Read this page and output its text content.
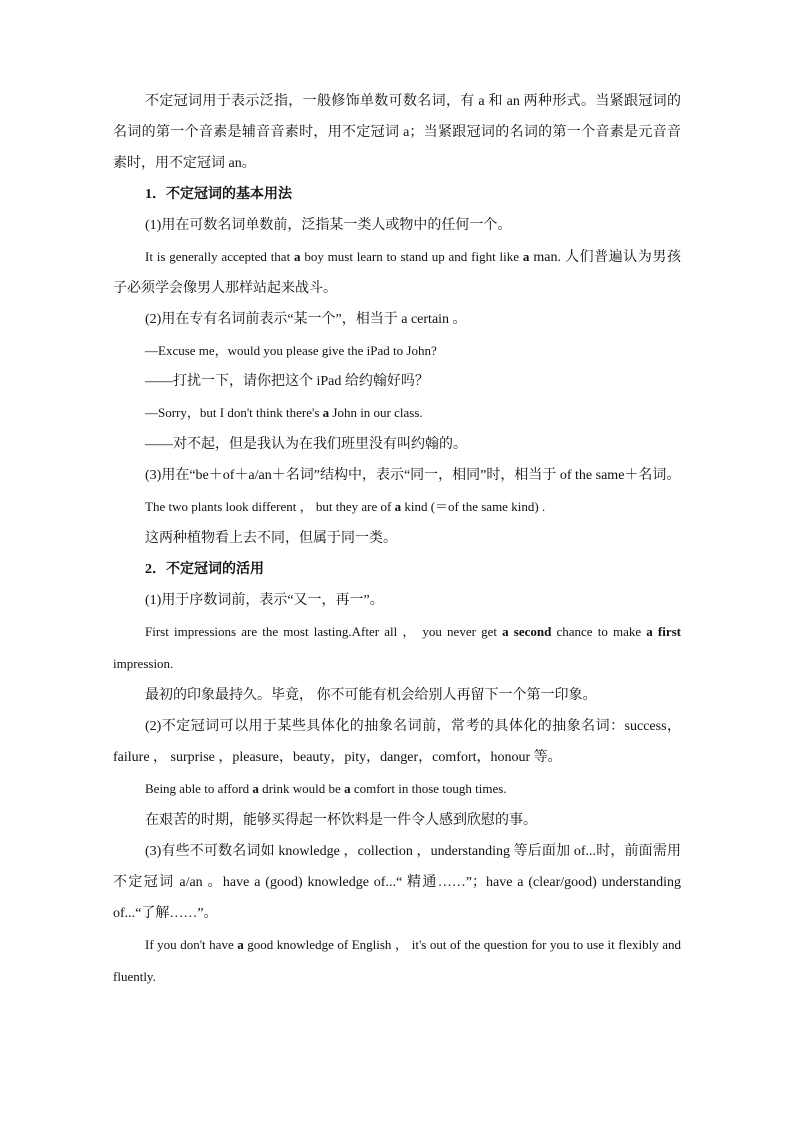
不定冠词用于表示泛指，一般修饰单数可数名词，有 a 和 an 两种形式。当紧跟冠词的名词的第一个音素是辅音音素时，用不定冠词 a；当紧跟冠词的名词的第一个音素是元音音素时，用不定冠词 an。

1．不定冠词的基本用法

(1)用在可数名词单数前，泛指某一类人或物中的任何一个。

It is generally accepted that a boy must learn to stand up and fight like a man. 人们普遍认为男孩子必须学会像男人那样站起来战斗。

(2)用在专有名词前表示“某一个”，相当于 a certain 。

—Excuse me，would you please give the iPad to John?

——打扰一下，请你把这个 iPad 给约翰好吗？

—Sorry，but I don't think there's a John in our class.

——对不起，但是我认为在我们班里没有叫约翰的。

(3)用在“be＋of＋a/an＋名词”结构中，表示“同一，相同”时，相当于 of the same＋名词。

The two plants look different ， but they are of a kind (＝of the same kind) .

这两种植物看上去不同，但属于同一类。

2．不定冠词的活用

(1)用于序数词前，表示“又一，再一”。

First impressions are the most lasting.After all ， you never get a second chance to make a first impression.

最初的印象最持久。毕竟， 你不可能有机会给别人再留下一个第一印象。

(2)不定冠词可以用于某些具体化的抽象名词前，常考的具体化的抽象名词：success，failure ， surprise ，pleasure，beauty，pity，danger，comfort，honour 等。

Being able to afford a drink would be a comfort in those tough times.

在艰苦的时期，能够买得起一杯饮料是一件令人感到欣慰的事。

(3)有些不可数名词如 knowledge ，collection ，understanding 等后面加 of...时，前面需用不定冠词 a/an 。have a (good) knowledge of...“ 精通……”；have a (clear/good) understanding of...“了解……”。

If you don't have a good knowledge of English ， it's out of the question for you to use it flexibly and fluently.
